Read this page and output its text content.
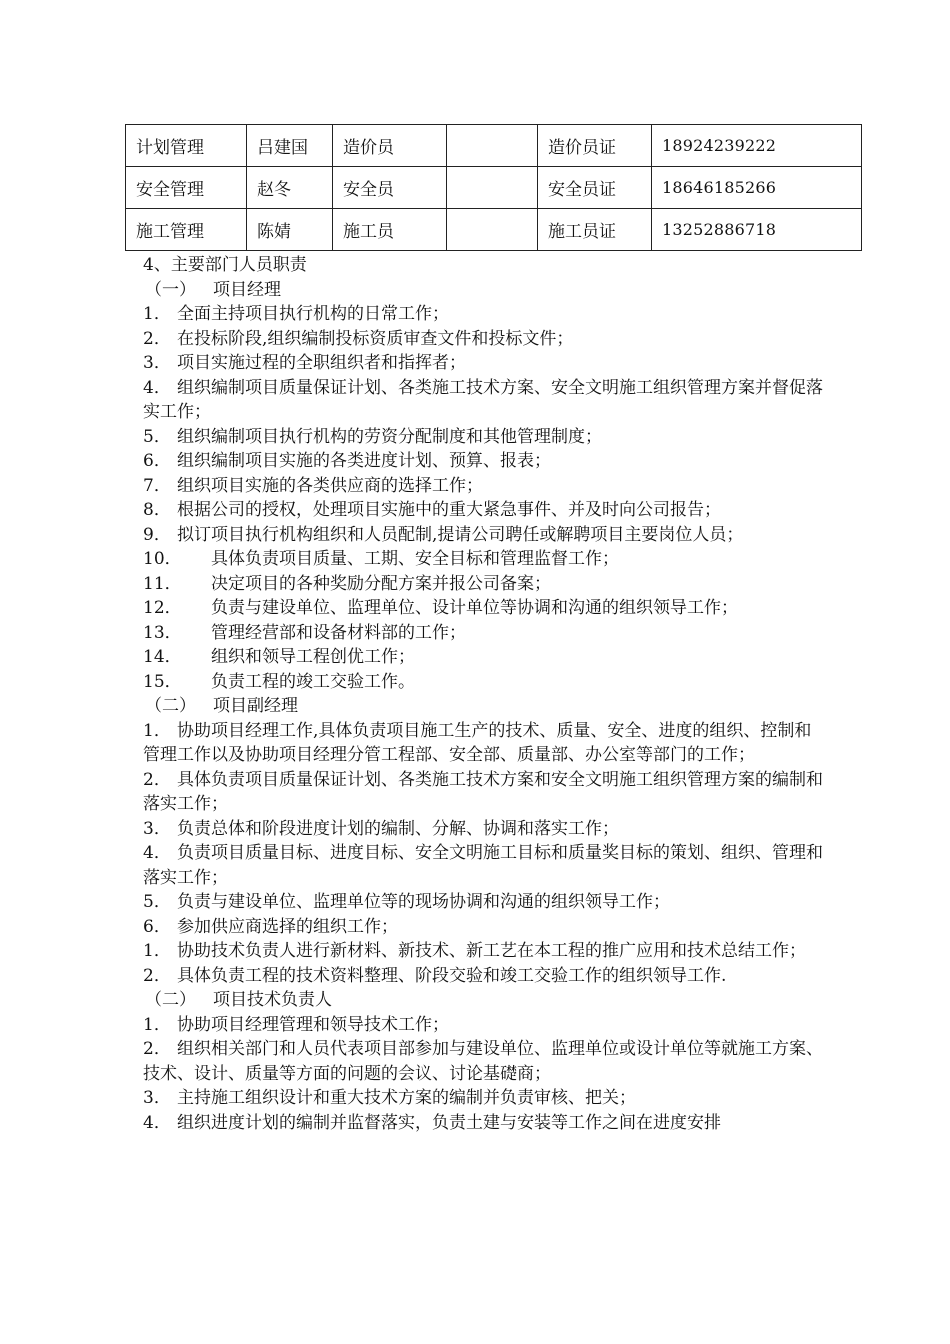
计划管理	吕建国	造价员		造价员证	18924239222
安全管理	赵冬	安全员		安全员证	18646185266
施工管理	陈婧	施工员		施工员证	13252886718
4、主要部门人员职责
（一） 项目经理
1． 全面主持项目执行机构的日常工作；
2． 在投标阶段,组织编制投标资质审查文件和投标文件；
3． 项目实施过程的全职组织者和指挥者；
4． 组织编制项目质量保证计划、各类施工技术方案、安全文明施工组织管理方案并督促落实工作；
5． 组织编制项目执行机构的劳资分配制度和其他管理制度；
6． 组织编制项目实施的各类进度计划、预算、报表；
7． 组织项目实施的各类供应商的选择工作；
8． 根据公司的授权，处理项目实施中的重大紧急事件、并及时向公司报告；
9． 拟订项目执行机构组织和人员配制,提请公司聘任或解聘项目主要岗位人员；
10． 具体负责项目质量、工期、安全目标和管理监督工作；
11． 决定项目的各种奖励分配方案并报公司备案；
12． 负责与建设单位、监理单位、设计单位等协调和沟通的组织领导工作；
13． 管理经营部和设备材料部的工作；
14． 组织和领导工程创优工作；
15． 负责工程的竣工交验工作。
（二） 项目副经理
1． 协助项目经理工作,具体负责项目施工生产的技术、质量、安全、进度的组织、控制和管理工作以及协助项目经理分管工程部、安全部、质量部、办公室等部门的工作；
2． 具体负责项目质量保证计划、各类施工技术方案和安全文明施工组织管理方案的编制和落实工作；
3． 负责总体和阶段进度计划的编制、分解、协调和落实工作；
4． 负责项目质量目标、进度目标、安全文明施工目标和质量奖目标的策划、组织、管理和落实工作；
5． 负责与建设单位、监理单位等的现场协调和沟通的组织领导工作；
6． 参加供应商选择的组织工作；
1． 协助技术负责人进行新材料、新技术、新工艺在本工程的推广应用和技术总结工作；
2． 具体负责工程的技术资料整理、阶段交验和竣工交验工作的组织领导工作.
（二） 项目技术负责人
1． 协助项目经理管理和领导技术工作；
2． 组织相关部门和人员代表项目部参加与建设单位、监理单位或设计单位等就施工方案、技术、设计、质量等方面的问题的会议、讨论基礎商；
3． 主持施工组织设计和重大技术方案的编制并负责审核、把关；
4． 组织进度计划的编制并监督落实，负责土建与安装等工作之间在进度安排
